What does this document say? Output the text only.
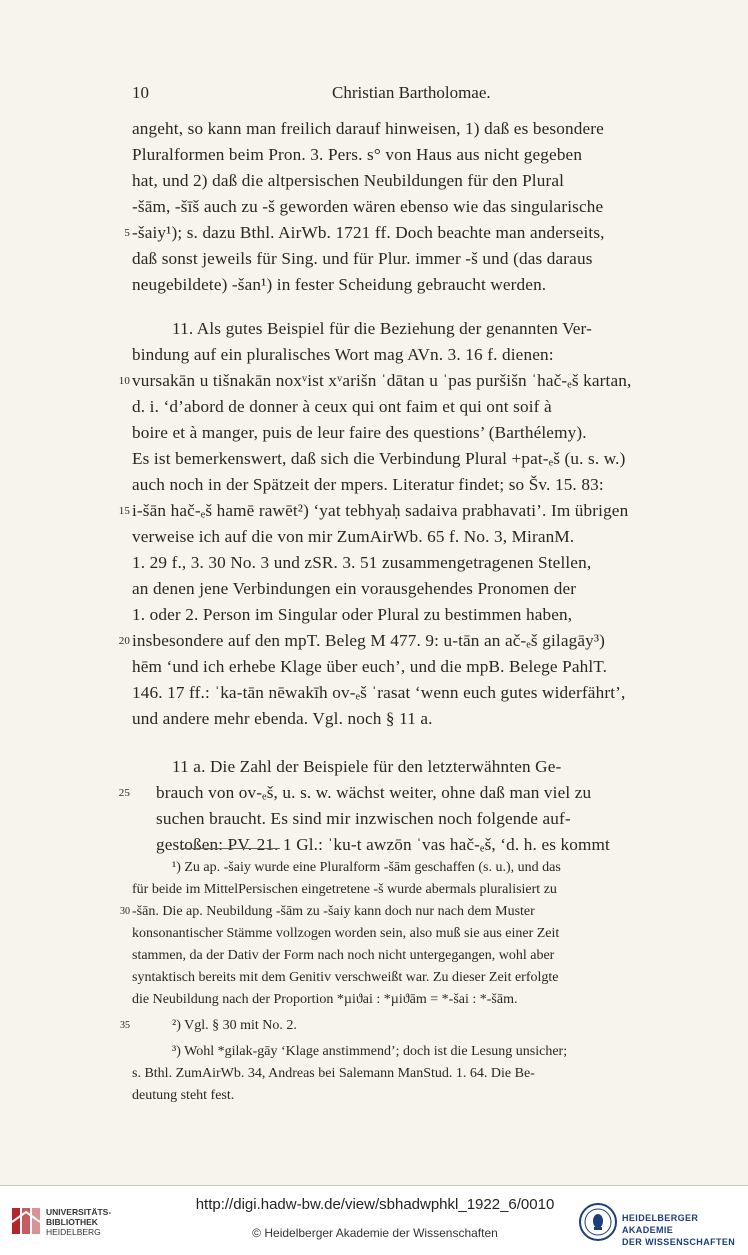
10	Christian Bartholomae.
angeht, so kann man freilich darauf hinweisen, 1) daß es besondere
Pluralformen beim Pron. 3. Pers. s° von Haus aus nicht gegeben
hat, und 2) daß die altpersischen Neubildungen für den Plural
-šām, -šīš auch zu -š geworden wären ebenso wie das singularische
5 -šaiy¹); s. dazu Bthl. AirWb. 1721 ff. Doch beachte man anderseits,
daß sonst jeweils für Sing. und für Plur. immer -š und (das daraus
neugebildete) -šan¹) in fester Scheidung gebraucht werden.
11. Als gutes Beispiel für die Beziehung der genannten Ver-
bindung auf ein pluralisches Wort mag AVn. 3. 16 f. dienen:
10 vursakān u tišnakān noxᵛist xᵛarišn ˈdātan u ˈpas puršišn ˈhač-ₑš kartan,
d. i. ‘d’abord de donner à ceux qui ont faim et qui ont soif à
boire et à manger, puis de leur faire des questions’ (Barthélemy).
Es ist bemerkenswert, daß sich die Verbindung Plural +pat-ₑš (u. s. w.)
auch noch in der Spätzeit der mpers. Literatur findet; so Šv. 15. 83:
15 i-šān hač-ₑš hamē rawēt²) ‘yat tebhyaḥ sadaiva prabhavati’. Im übrigen
verweise ich auf die von mir ZumAirWb. 65 f. No. 3, MiranM.
1. 29 f., 3. 30 No. 3 und zSR. 3. 51 zusammengetragenen Stellen,
an denen jene Verbindungen ein vorausgehendes Pronomen der
1. oder 2. Person im Singular oder Plural zu bestimmen haben,
20 insbesondere auf den mpT. Beleg M 477. 9: u-tān an ač-ₑš gilagāy³)
hēm ‘und ich erhebe Klage über euch’, und die mpB. Belege PahlT.
146. 17 ff.: ˈka-tān nēwakīh ov-ₑš ˈrasat ‘wenn euch gutes widerfährt’,
und andere mehr ebenda. Vgl. noch § 11 a.
11 a. Die Zahl der Beispiele für den letzterwähnten Ge-
25 brauch von ov-ₑš, u. s. w. wächst weiter, ohne daß man viel zu
suchen braucht. Es sind mir inzwischen noch folgende auf-
gestoßen: PV. 21. 1 Gl.: ˈku-t awzōn ˈvas hač-ₑš, ‘d. h. es kommt
¹) Zu ap. -šaiy wurde eine Pluralform -šām geschaffen (s. u.), und das
für beide im MittelPersischen eingetretene -š wurde abermals pluralisiert zu
30 -šān. Die ap. Neubildung -šām zu -šaiy kann doch nur nach dem Muster
konsonantischer Stämme vollzogen worden sein, also muß sie aus einer Zeit
stammen, da der Dativ der Form nach noch nicht untergegangen, wohl aber
syntaktisch bereits mit dem Genitiv verschweißt war. Zu dieser Zeit erfolgte
die Neubildung nach der Proportion *µiϑai : *µiϑām = *-šai : *-šām.
35	²) Vgl. § 30 mit No. 2.
³) Wohl *gilak-gāy ‘Klage anstimmend’; doch ist die Lesung unsicher;
s. Bthl. ZumAirWb. 34, Andreas bei Salemann ManStud. 1. 64. Die Be-
deutung steht fest.
UNIVERSITÄTS-
BIBLIOTHEK
HEIDELBERG
http://digi.hadw-bw.de/view/sbhadwphkl_1922_6/0010
© Heidelberger Akademie der Wissenschaften
HEIDELBERGER AKADEMIE
DER WISSENSCHAFTEN
